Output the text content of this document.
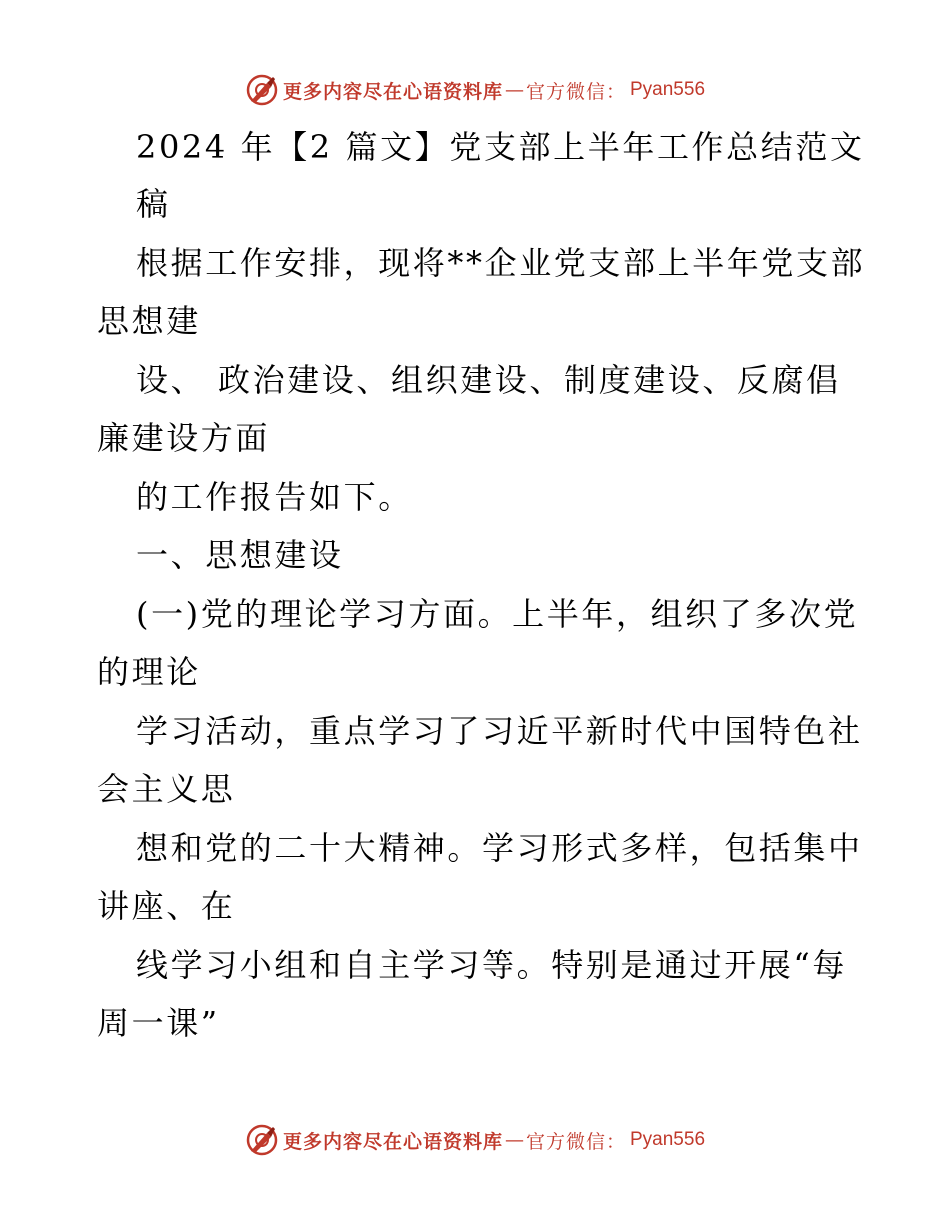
更多内容尽在心语资料库 — 官方微信： Pyan556
2024 年【2 篇文】党支部上半年工作总结范文
稿
根据工作安排，现将**企业党支部上半年党支部
思想建
设、 政治建设、组织建设、制度建设、反腐倡
廉建设方面
的工作报告如下。
一、思想建设
(一)党的理论学习方面。上半年，组织了多次党
的理论
学习活动，重点学习了习近平新时代中国特色社
会主义思
想和党的二十大精神。学习形式多样，包括集中
讲座、在
线学习小组和自主学习等。特别是通过开展“每
周一课”
更多内容尽在心语资料库 — 官方微信： Pyan556
